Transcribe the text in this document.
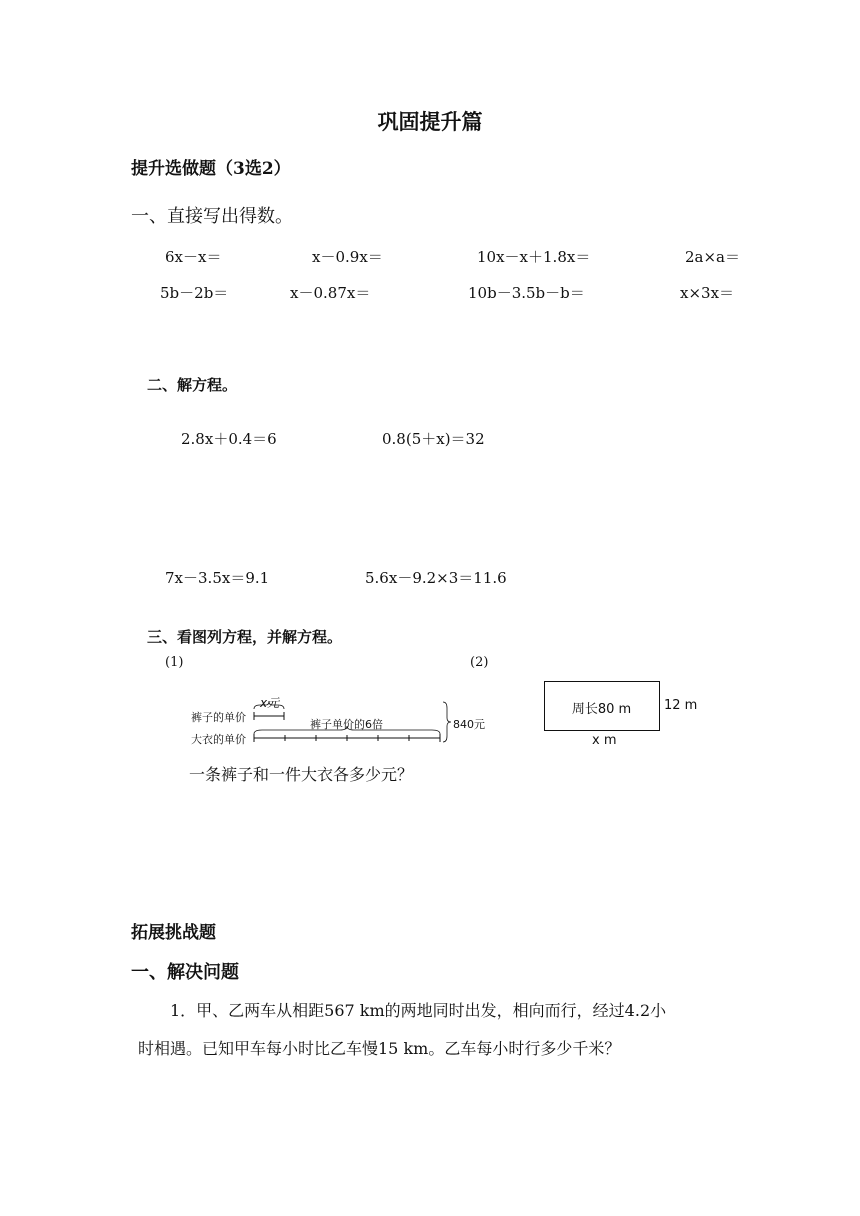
巩固提升篇
提升选做题（3选2）
一、直接写出得数。
6x－x＝	x－0.9x＝	10x－x＋1.8x＝	2a×a＝
5b－2b＝	x－0.87x＝	10b－3.5b－b＝	x×3x＝
二、解方程。
2.8x＋0.4＝6	0.8(5＋x)＝32
7x－3.5x＝9.1	5.6x－9.2×3＝11.6
三、看图列方程，并解方程。
(1)	(2)
裤子的单价
大衣的单价
x元
裤子单价的6倍	840元
一条裤子和一件大衣各多少元？
周长80 m	12 m
x m
拓展挑战题
一、解决问题
1．甲、乙两车从相距567 km的两地同时出发，相向而行，经过4.2小
时相遇。已知甲车每小时比乙车慢15 km。乙车每小时行多少千米？
